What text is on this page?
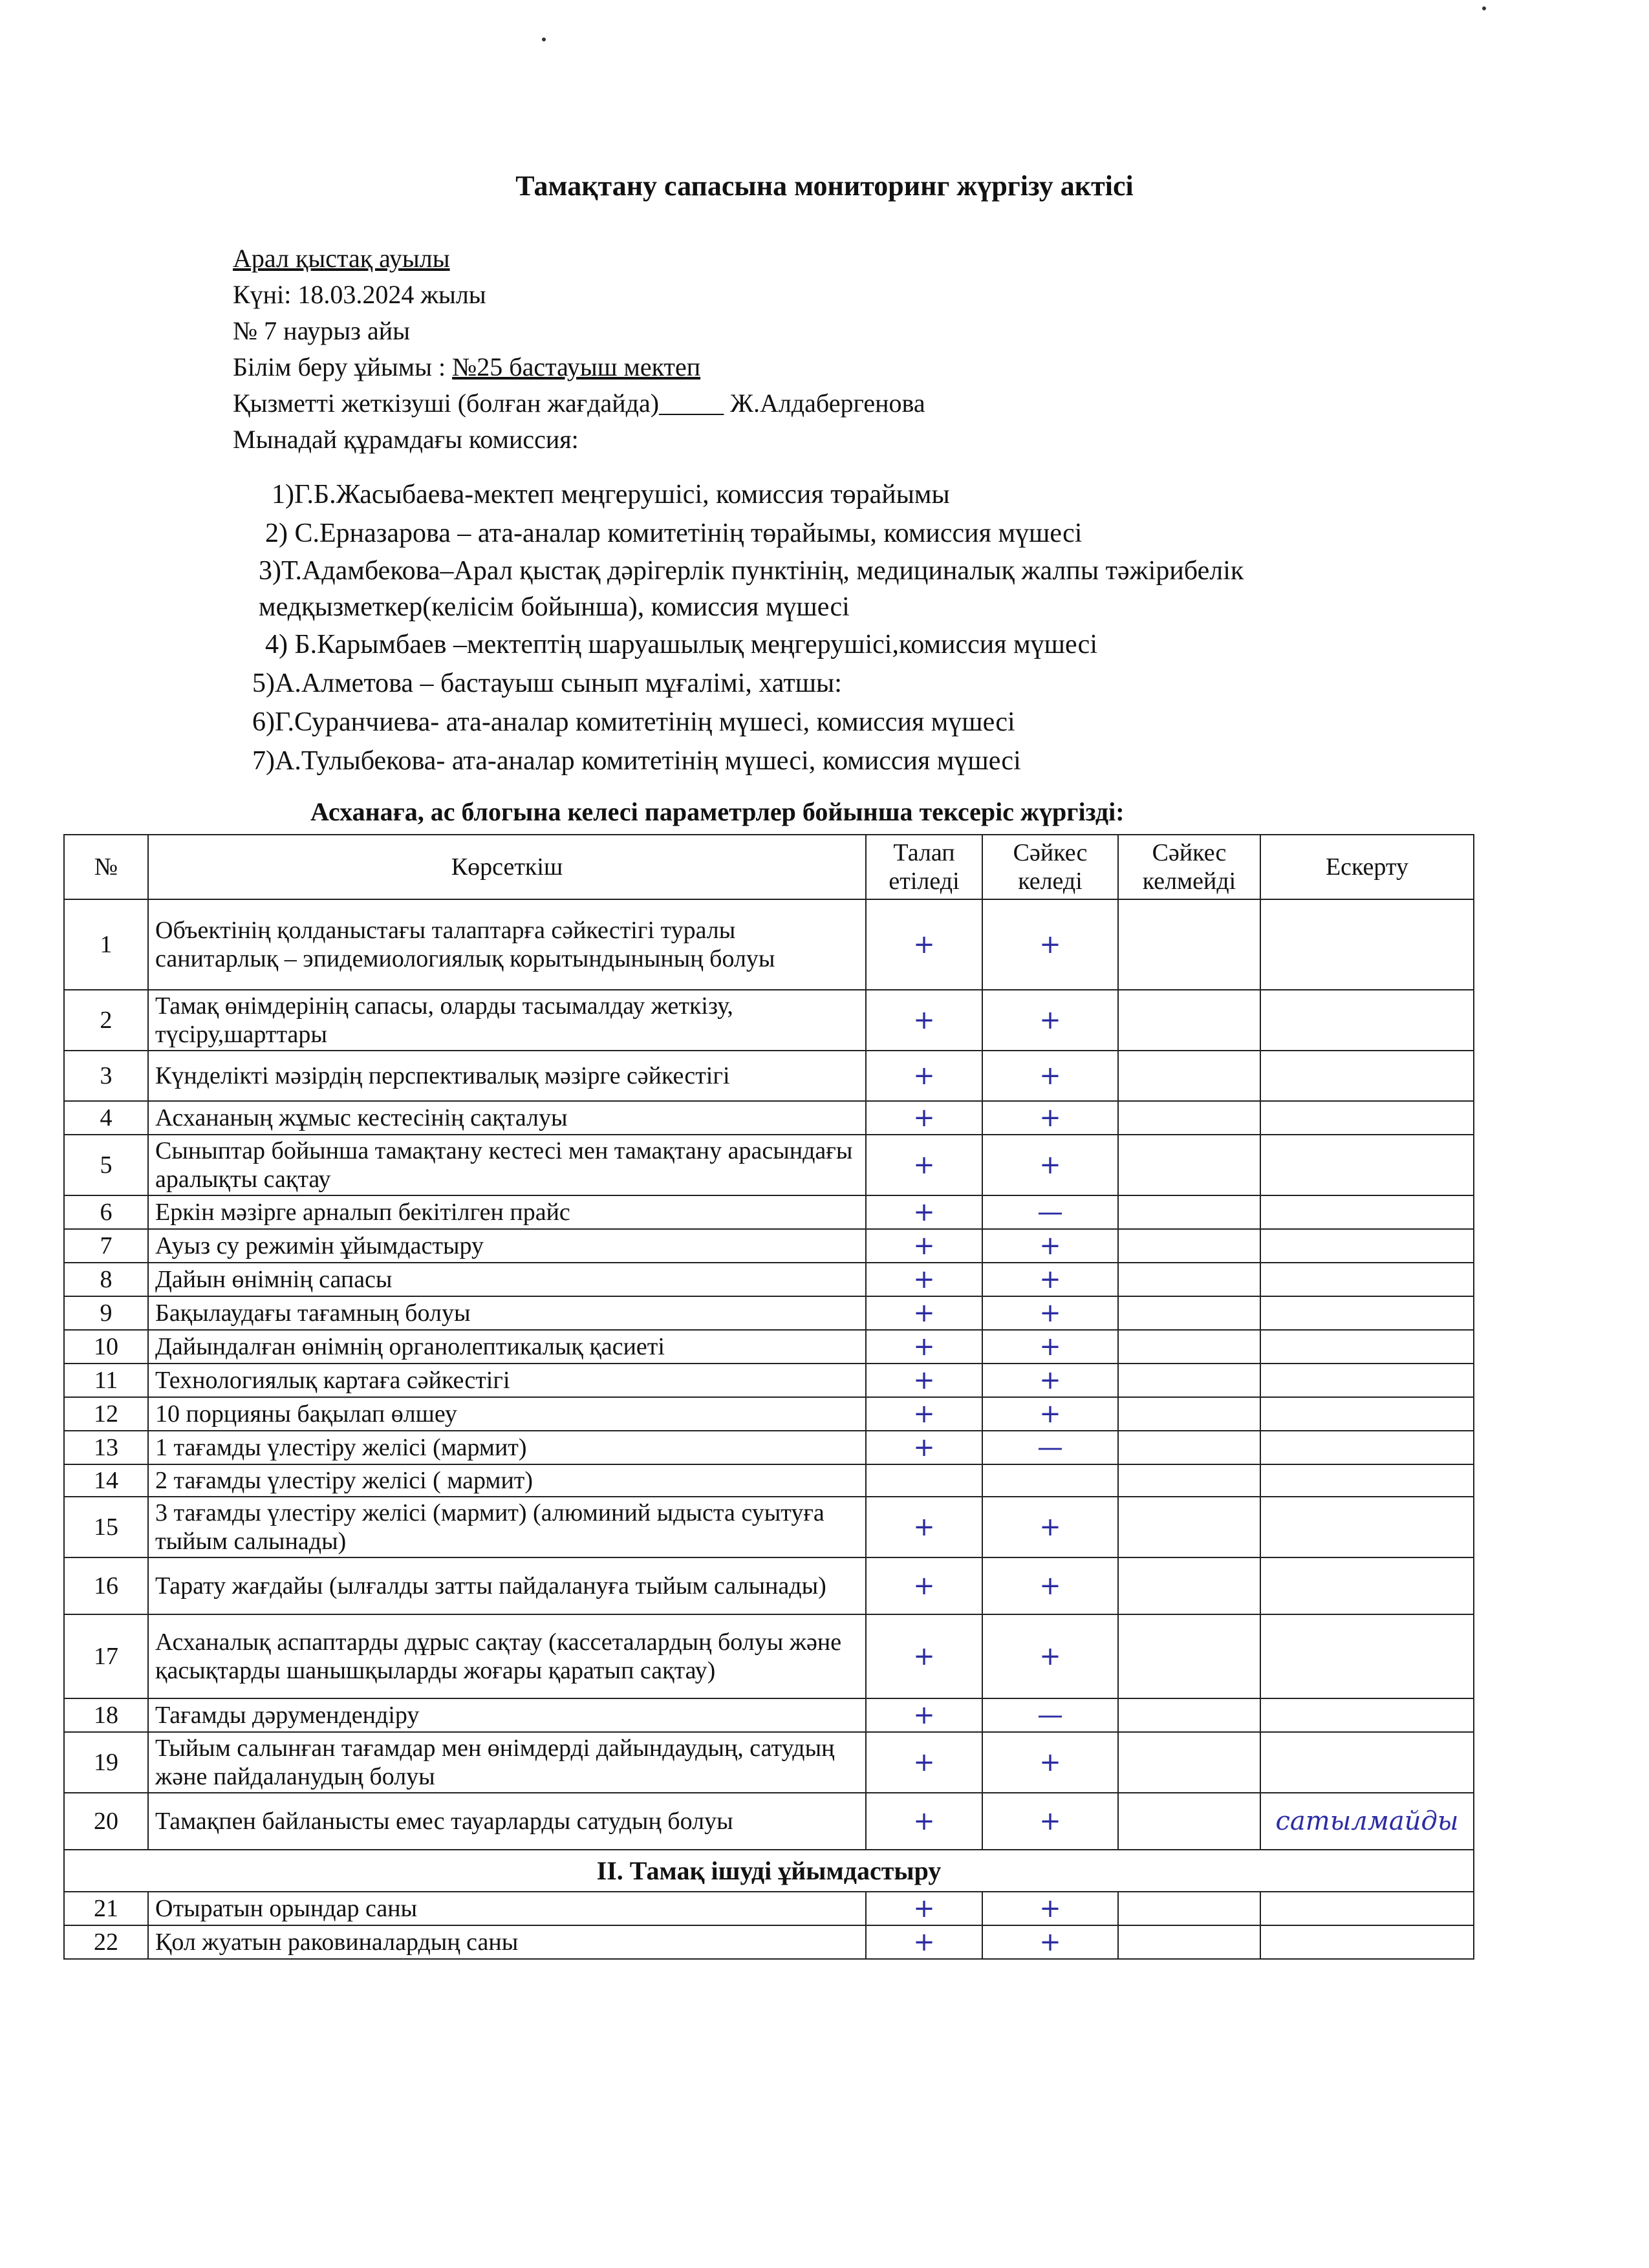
Тамақтану сапасына мониторинг жүргізу актісі
Арал қыстақ ауылы
Күні: 18.03.2024 жылы
№ 7 наурыз айы
Білім беру ұйымы : №25 бастауыш мектеп
Қызметті жеткізуші (болған жағдайда)_____ Ж.Алдабергенова
Мынадай құрамдағы комиссия:
1)Г.Б.Жасыбаева-мектеп меңгерушісі, комиссия төрайымы
2) С.Ерназарова – ата-аналар комитетінің төрайымы, комиссия мүшесі
3)Т.Адамбекова–Арал қыстақ дәрігерлік пунктінің, медициналық жалпы тәжірибелік медқызметкер(келісім бойынша), комиссия мүшесі
4) Б.Карымбаев –мектептің шаруашылық меңгерушісі,комиссия мүшесі
5)А.Алметова – бастауыш сынып мұғалімі, хатшы:
6)Г.Суранчиева- ата-аналар комитетінің мүшесі, комиссия мүшесі
7)А.Тулыбекова- ата-аналар комитетінің мүшесі, комиссия мүшесі
Асханаға, ас блогына келесі параметрлер бойынша тексеріс жүргізді:
№	Көрсеткіш	Талап етіледі	Сәйкес келеді	Сәйкес келмейді	Ескерту
1	Объектінің қолданыстағы талаптарға сәйкестігі туралы санитарлық – эпидемиологиялық корытындынының болуы	+	+		
2	Тамақ өнімдерінің сапасы, оларды тасымалдау жеткізу, түсіру,шарттары	+	+		
3	Күнделікті мәзірдің перспективалық мәзірге сәйкестігі	+	+		
4	Асхананың жұмыс кестесінің сақталуы	+	+		
5	Сыныптар бойынша тамақтану кестесі мен тамақтану арасындағы аралықты сақтау	+	+		
6	Еркін мәзірге арналып бекітілген прайс	+	—		
7	Ауыз су режимін ұйымдастыру	+	+		
8	Дайын өнімнің сапасы	+	+		
9	Бақылаудағы тағамның болуы	+	+		
10	Дайындалған өнімнің органолептикалық қасиеті	+	+		
11	Технологиялық картаға сәйкестігі	+	+		
12	10 порцияны бақылап өлшеу	+	+		
13	1 тағамды үлестіру желісі (мармит)	+	—		
14	2 тағамды үлестіру желісі ( мармит)				
15	3 тағамды үлестіру желісі (мармит) (алюминий ыдыста суытуға тыйым салынады)	+	+		
16	Тарату жағдайы (ылғалды затты пайдалануға тыйым салынады)	+	+		
17	Асханалық аспаптарды дұрыс сақтау (кассеталардың болуы және қасықтарды шанышқыларды жоғары қаратып сақтау)	+	+		
18	Тағамды дәрумендендіру	+	—		
19	Тыйым салынған тағамдар мен өнімдерді дайындаудың, сатудың және пайдаланудың болуы	+	+		
20	Тамақпен байланысты емес тауарларды сатудың болуы	+	+		сатылмайды
ІІ. Тамақ ішуді ұйымдастыру					
21	Отыратын орындар саны	+	+		
22	Қол жуатын раковиналардың саны	+	+		
